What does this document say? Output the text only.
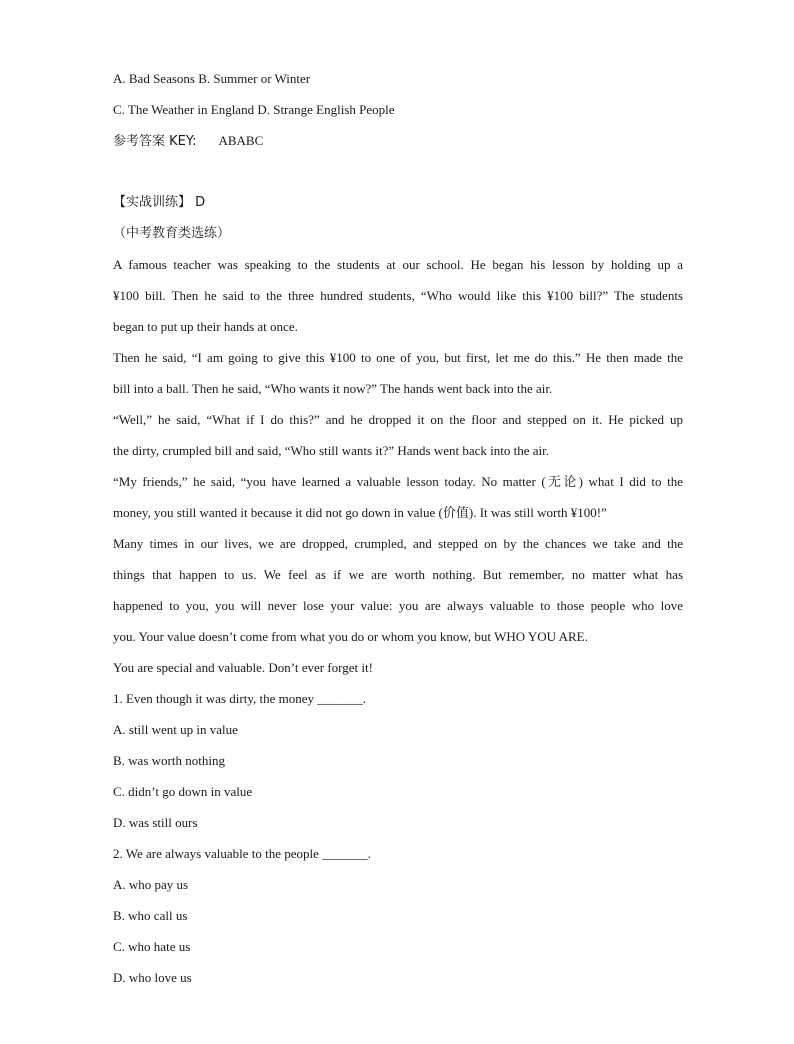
A. Bad Seasons B. Summer or Winter
C. The Weather in England D. Strange English People
参考答案 KEY: ABABC
【实战训练】 D
（中考教育类选练）
A famous teacher was speaking to the students at our school. He began his lesson by holding up a
¥100 bill. Then he said to the three hundred students, “Who would like this ¥100 bill?” The students
began to put up their hands at once.
Then he said, “I am going to give this ¥100 to one of you, but first, let me do this.” He then made the
bill into a ball. Then he said, “Who wants it now?” The hands went back into the air.
“Well,” he said, “What if I do this?” and he dropped it on the floor and stepped on it. He picked up
the dirty, crumpled bill and said, “Who still wants it?” Hands went back into the air.
“My friends,” he said, “you have learned a valuable lesson today. No matter (无论) what I did to the
money, you still wanted it because it did not go down in value (价值). It was still worth ¥100!”
Many times in our lives, we are dropped, crumpled, and stepped on by the chances we take and the
things that happen to us. We feel as if we are worth nothing. But remember, no matter what has
happened to you, you will never lose your value: you are always valuable to those people who love
you. Your value doesn’t come from what you do or whom you know, but WHO YOU ARE.
You are special and valuable. Don’t ever forget it!
1. Even though it was dirty, the money _______.
A. still went up in value
B. was worth nothing
C. didn’t go down in value
D. was still ours
2. We are always valuable to the people _______.
A. who pay us
B. who call us
C. who hate us
D. who love us
